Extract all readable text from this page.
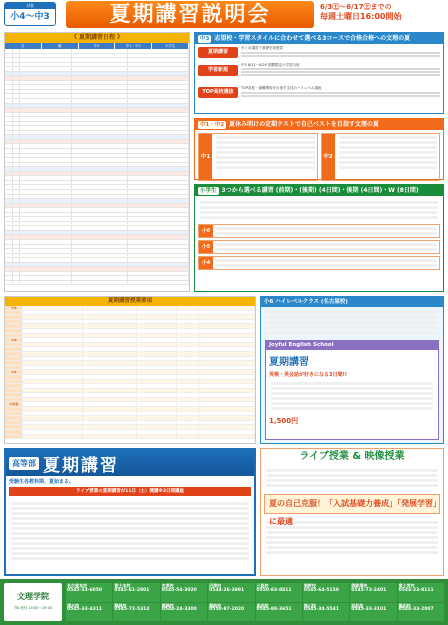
対象
小4～中3	夏期講習説明会	6/3㊏～6/17㊏までの
毎週土曜日16:00開始
《 夏期講習日程 》
日	曜	中3	中1・中2	小学生
中3 志望校・学習スタイルに合わせて選べる3コースで合格合格への文理の夏
夏期講習
まとめ講習で基礎を総復習
学習新規
中3 8/11～8/20 期間限定の学習合宿
TOP高校選抜
TOP高校・最難関校を目指す生徒のハイレベル講座
中1・中2 夏休み明けの定期テストで自己ベストを目指す文理の夏
中1	中2
小学生 3つから選べる講習 (前期)・(後期) (4日間)・後期 (4日間)・W (8日間)
小6
小5
小4
夏期講習授業要項
中3
中2
中1
小学生
小6 ハイレベルクラス (名古屋校)
Joyful English School
夏期講習
英検・英会話が好きになる3日間!!
1,500円
高等部 夏期講習
受験生各教科期、夏始まる。
ライブ授業の夏期講習が11日（土）開講※2日間講座
ライブ授業 & 映像授業
夏の自己克服！「入試基礎力養成」「発展学習」に最適
文理学院
TEL受付 15:00～19:00
名古屋本校
0545-53-6050
富士本校
0545-61-2801
吉原校
0545-54-3020
沼津校
0544-26-3891
三島校
0550-83-8811
裾野校
0545-64-5150
御殿場校
0545-73-2401
富士宮校
0544-23-8111
清水校
0545-33-4311
静岡校
0545-72-5314
焼津校
0544-24-3300
藤枝校
0550-87-2020
島田校
0545-88-3651
掛川校
0545-34-5541
浜松校
0545-33-3101
磐田校
0544-33-2007
